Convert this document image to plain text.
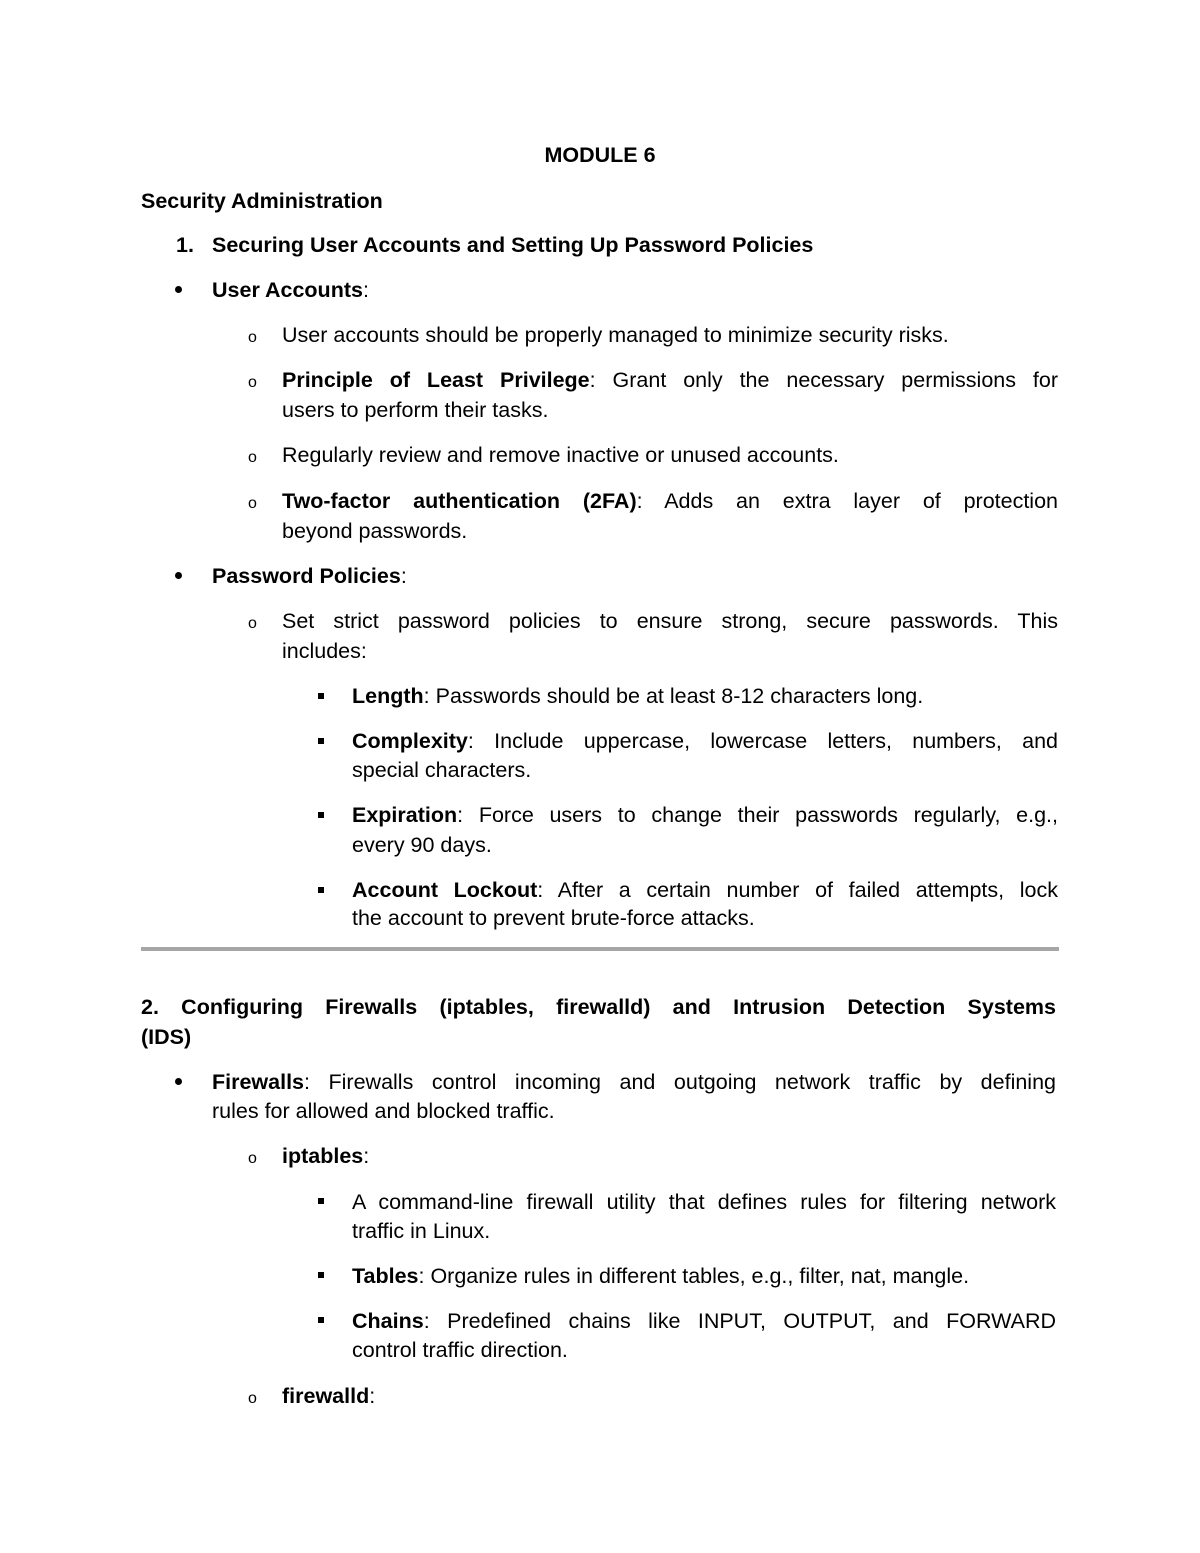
MODULE 6
Security Administration
1. Securing User Accounts and Setting Up Password Policies
User Accounts:
o User accounts should be properly managed to minimize security risks.
o Principle of Least Privilege: Grant only the necessary permissions for
users to perform their tasks.
o Regularly review and remove inactive or unused accounts.
o Two-factor authentication (2FA): Adds an extra layer of protection
beyond passwords.
Password Policies:
o Set strict password policies to ensure strong, secure passwords. This
includes:
Length: Passwords should be at least 8-12 characters long.
Complexity: Include uppercase, lowercase letters, numbers, and
special characters.
Expiration: Force users to change their passwords regularly, e.g.,
every 90 days.
Account Lockout: After a certain number of failed attempts, lock
the account to prevent brute-force attacks.
2. Configuring Firewalls (iptables, firewalld) and Intrusion Detection Systems
(IDS)
Firewalls: Firewalls control incoming and outgoing network traffic by defining
rules for allowed and blocked traffic.
o iptables:
A command-line firewall utility that defines rules for filtering network
traffic in Linux.
Tables: Organize rules in different tables, e.g., filter, nat, mangle.
Chains: Predefined chains like INPUT, OUTPUT, and FORWARD
control traffic direction.
o firewalld:
